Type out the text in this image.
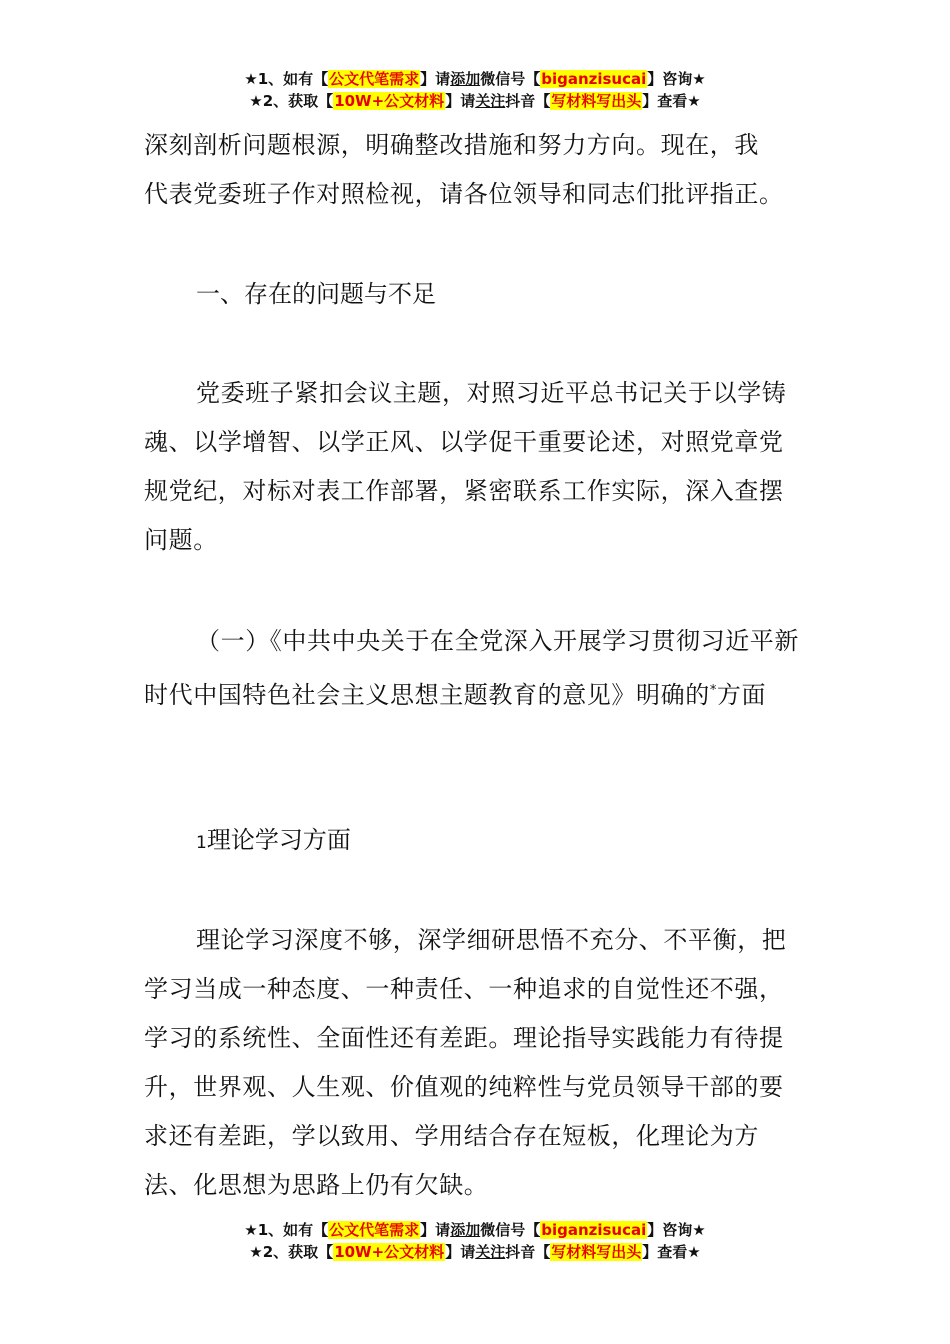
★1、如有【公文代笔需求】请添加微信号【biganzisucai】咨询★
★2、获取【10W+公文材料】请关注抖音【写材料写出头】查看★

深刻剖析问题根源，明确整改措施和努力方向。现在，我

代表党委班子作对照检视，请各位领导和同志们批评指正。

一、存在的问题与不足

党委班子紧扣会议主题，对照习近平总书记关于以学铸魂、以学增智、以学正风、以学促干重要论述，对照党章党规党纪，对标对表工作部署，紧密联系工作实际，深入查摆问题。

（一）《中共中央关于在全党深入开展学习贯彻习近平新时代中国特色社会主义思想主题教育的意见》明确的*方面

1理论学习方面

理论学习深度不够，深学细研思悟不充分、不平衡，把学习当成一种态度、一种责任、一种追求的自觉性还不强，学习的系统性、全面性还有差距。理论指导实践能力有待提升，世界观、人生观、价值观的纯粹性与党员领导干部的要求还有差距，学以致用、学用结合存在短板，化理论为方法、化思想为思路上仍有欠缺。

★1、如有【公文代笔需求】请添加微信号【biganzisucai】咨询★
★2、获取【10W+公文材料】请关注抖音【写材料写出头】查看★
